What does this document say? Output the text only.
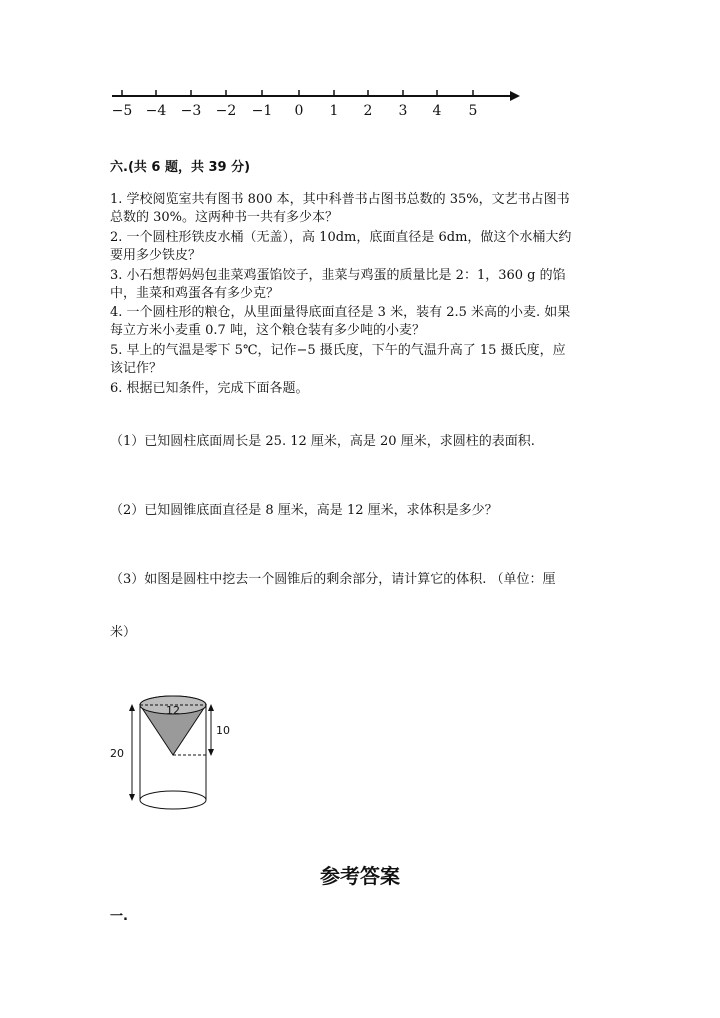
−5 −4 −3 −2 −1 0 1 2 3 4 5
六.(共 6 题，共 39 分)
1. 学校阅览室共有图书 800 本，其中科普书占图书总数的 35%，文艺书占图书
总数的 30%。这两种书一共有多少本？
2. 一个圆柱形铁皮水桶（无盖），高 10dm，底面直径是 6dm，做这个水桶大约
要用多少铁皮？
3. 小石想帮妈妈包韭菜鸡蛋馅饺子，韭菜与鸡蛋的质量比是 2：1，360 g 的馅
中，韭菜和鸡蛋各有多少克？
4. 一个圆柱形的粮仓，从里面量得底面直径是 3 米，装有 2.5 米高的小麦. 如果
每立方米小麦重 0.7 吨，这个粮仓装有多少吨的小麦？
5. 早上的气温是零下 5℃，记作−5 摄氏度，下午的气温升高了 15 摄氏度，应
该记作？
6. 根据已知条件，完成下面各题。
（1）已知圆柱底面周长是 25. 12 厘米，高是 20 厘米，求圆柱的表面积.
（2）已知圆锥底面直径是 8 厘米，高是 12 厘米，求体积是多少？
（3）如图是圆柱中挖去一个圆锥后的剩余部分，请计算它的体积. （单位：厘
米）
12
10
20
参考答案
一.
